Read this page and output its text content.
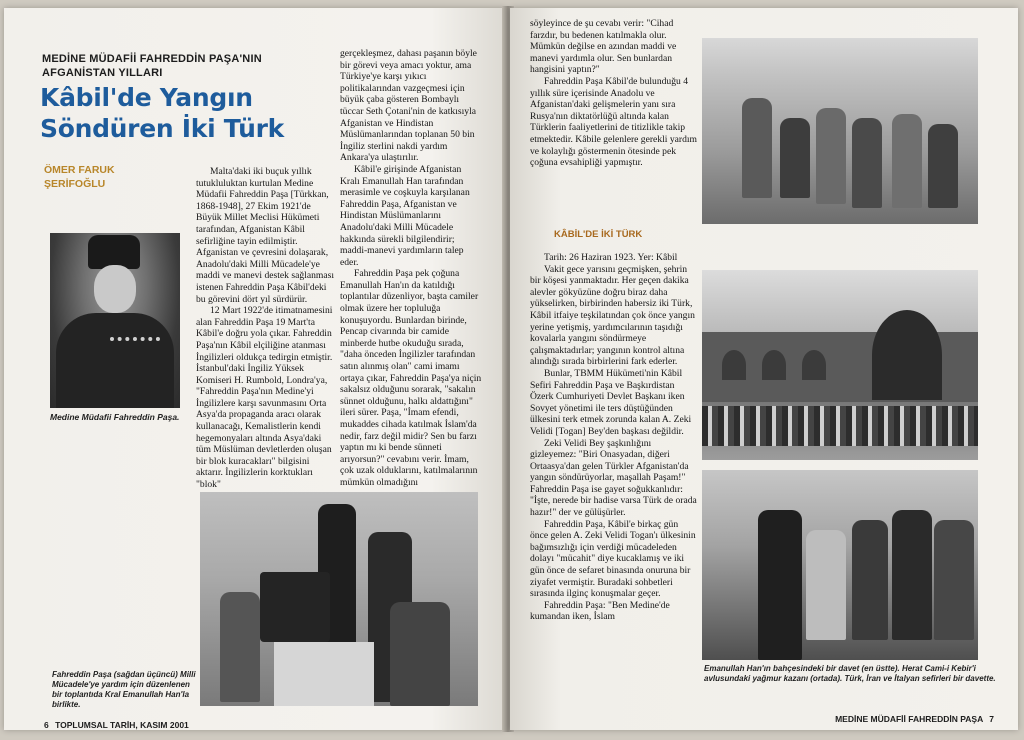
MEDİNE MÜDAFİİ FAHREDDİN PAŞA'NIN AFGANİSTAN YILLARI
Kâbil'de Yangın
Söndüren İki Türk
ÖMER FARUK
ŞERİFOĞLU
Medine Müdafii Fahreddin Paşa.

Malta'daki iki buçuk yıllık tutukluluktan kurtulan Medine Müdafii Fahreddin Paşa [Türkkan, 1868-1948], 27 Ekim 1921'de Büyük Millet Meclisi Hükümeti tarafından, Afganistan Kâbil sefirliğine tayin edilmiştir. Afganistan ve çevresini dolaşarak, Anadolu'daki Milli Mücadele'ye maddi ve manevi destek sağlanması istenen Fahreddin Paşa Kâbil'deki bu görevini dört yıl sürdürür.

12 Mart 1922'de itimatnamesini alan Fahreddin Paşa 19 Mart'ta Kâbil'e doğru yola çıkar. Fahreddin Paşa'nın Kâbil elçiliğine atanması İngilizleri oldukça tedirgin etmiştir. İstanbul'daki İngiliz Yüksek Komiseri H. Rumbold, Londra'ya, "Fahreddin Paşa'nın Medine'yi İngilizlere karşı savunmasını Orta Asya'da propaganda aracı olarak kullanacağı, Kemalistlerin kendi hegemonyaları altında Asya'daki tüm Müslüman devletlerden oluşan bir blok kuracakları" bilgisini aktarır. İngilizlerin korktukları "blok"

gerçekleşmez, dahası paşanın böyle bir görevi veya amacı yoktur, ama Türkiye'ye karşı yıkıcı politikalarından vazgeçmesi için büyük çaba gösteren Bombaylı tüccar Seth Çotani'nin de katkısıyla Afganistan ve Hindistan Müslümanlarından toplanan 50 bin İngiliz sterlini nakdi yardım Ankara'ya ulaştırılır.

Kâbil'e girişinde Afganistan Kralı Emanullah Han tarafından merasimle ve coşkuyla karşılanan Fahreddin Paşa, Afganistan ve Hindistan Müslümanlarını Anadolu'daki Milli Mücadele hakkında sürekli bilgilendirir; maddi-manevi yardımların talep eder.

Fahreddin Paşa pek çoğuna Emanullah Han'ın da katıldığı toplantılar düzenliyor, başta camiler olmak üzere her topluluğa konuşuyordu. Bunlardan birinde, Pencap civarında bir camide minberde hutbe okuduğu sırada, "daha önceden İngilizler tarafından satın alınmış olan" cami imamı ortaya çıkar, Fahreddin Paşa'ya niçin sakalsız olduğunu sorarak, "sakalın sünnet olduğunu, halkı aldattığını" ileri sürer. Paşa, "İmam efendi, mukaddes cihada katılmak İslam'da nedir, farz değil midir? Sen bu farzı yaptın mı ki bende sünneti arıyorsun?" cevabını verir. İmam, çok uzak olduklarını, katılmalarının mümkün olmadığını

Fahreddin Paşa (sağdan üçüncü) Milli Mücadele'ye yardım için düzenlenen bir toplantıda Kral Emanullah Han'la birlikte.
6 TOPLUMSAL TARİH, KASIM 2001

söyleyince de şu cevabı verir: "Cihad farzdır, bu bedenen katılmakla olur. Mümkün değilse en azından maddi ve manevi yardımla olur. Sen bunlardan hangisini yaptın?"

Fahreddin Paşa Kâbil'de bulunduğu 4 yıllık süre içerisinde Anadolu ve Afganistan'daki gelişmelerin yanı sıra Rusya'nın diktatörlüğü altında kalan Türklerin faaliyetlerini de titizlikle takip etmektedir. Kâbile gelenlere gerekli yardım ve kolaylığı göstermenin ötesinde pek çoğuna evsahipliği yapmıştır.

KÂBİL'DE İKİ TÜRK

Tarih: 26 Haziran 1923. Yer: Kâbil

Vakit gece yarısını geçmişken, şehrin bir köşesi yanmaktadır. Her geçen dakika alevler gökyüzüne doğru biraz daha yükselirken, birbirinden habersiz iki Türk, Kâbil itfaiye teşkilatından çok önce yangın yerine yetişmiş, yardımcılarının taşıdığı kovalarla yangını söndürmeye çalışmaktadırlar; yangının kontrol altına alındığı sırada birbirlerini fark ederler.

Bunlar, TBMM Hükümeti'nin Kâbil Sefiri Fahreddin Paşa ve Başkırdistan Özerk Cumhuriyeti Devlet Başkanı iken Sovyet yönetimi ile ters düştüğünden ülkesini terk etmek zorunda kalan A. Zeki Velidi [Togan] Bey'den başkası değildir.

Zeki Velidi Bey şaşkınlığını gizleyemez: "Biri Onasyadan, diğeri Ortaasya'dan gelen Türkler Afganistan'da yangın söndürüyorlar, maşallah Paşam!" Fahreddin Paşa ise gayet soğukkanlıdır: "İşte, nerede bir hadise varsa Türk de orada hazır!" der ve gülüşürler.

Fahreddin Paşa, Kâbil'e birkaç gün önce gelen A. Zeki Velidi Togan'ı ülkesinin bağımsızlığı için verdiği mücadeleden dolayı "mücahit" diye kucaklamış ve iki gün önce de sefaret binasında onuruna bir ziyafet vermiştir. Buradaki sohbetleri sırasında ilginç konuşmalar geçer.

Fahreddin Paşa: "Ben Medine'de kumandan iken, İslam

Emanullah Han'ın bahçesindeki bir davet (en üstte). Herat Cami-i Kebir'i avlusundaki yağmur kazanı (ortada). Türk, İran ve İtalyan sefirleri bir davette.
MEDİNE MÜDAFİİ FAHREDDİN PAŞA 7
